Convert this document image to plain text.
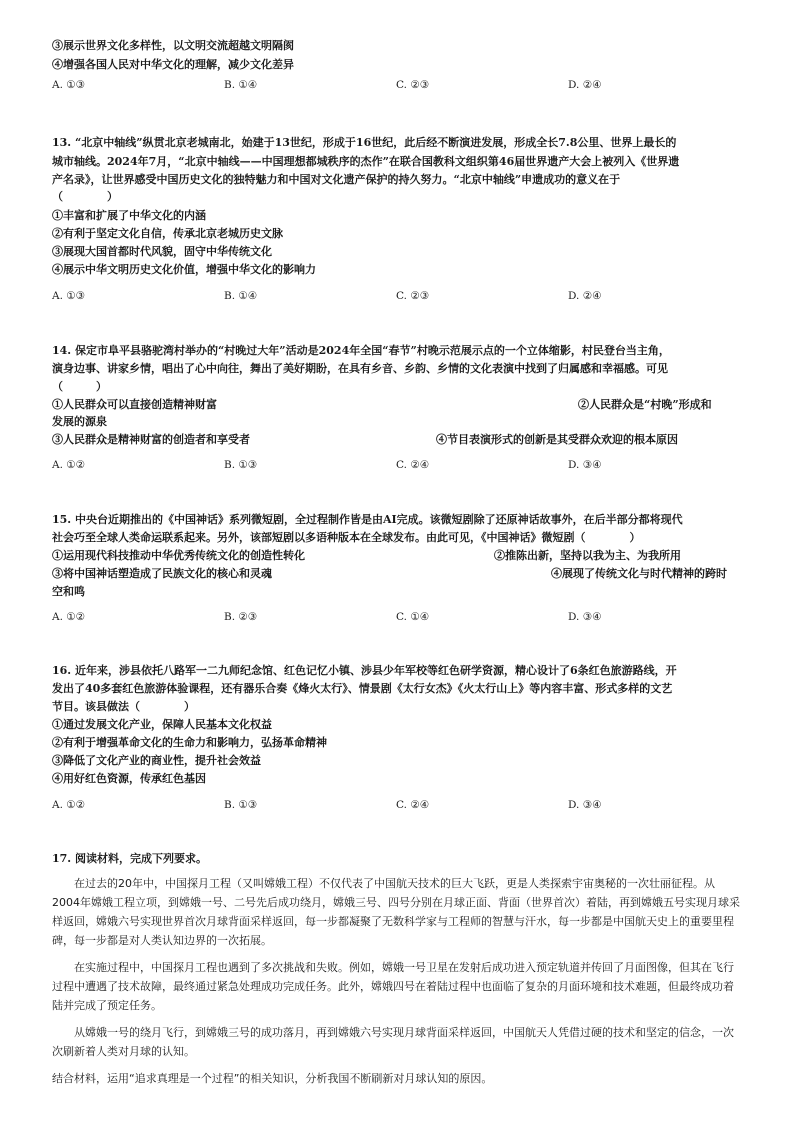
③展示世界文化多样性，以文明交流超越文明隔阂
④增强各国人民对中华文化的理解，减少文化差异
A. ①③	B. ①④	C. ②③	D. ②④
13. “北京中轴线”纵贯北京老城南北，始建于13世纪，形成于16世纪，此后经不断演进发展，形成全长7.8公里、世界上最长的
城市轴线。2024年7月，“北京中轴线——中国理想都城秩序的杰作”在联合国教科文组织第46届世界遗产大会上被列入《世界遗
产名录》，让世界感受中国历史文化的独特魅力和中国对文化遗产保护的持久努力。“北京中轴线”申遗成功的意义在于
（　　　　）
①丰富和扩展了中华文化的内涵
②有利于坚定文化自信，传承北京老城历史文脉
③展现大国首都时代风貌，固守中华传统文化
④展示中华文明历史文化价值，增强中华文化的影响力
A. ①③	B. ①④	C. ②③	D. ②④
14. 保定市阜平县骆驼湾村举办的“村晚过大年”活动是2024年全国“春节”村晚示范展示点的一个立体缩影，村民登台当主角，
演身边事、讲家乡情，唱出了心中向往，舞出了美好期盼，在具有乡音、乡韵、乡情的文化表演中找到了归属感和幸福感。可见
（　　　）
①人民群众可以直接创造精神财富	②人民群众是“村晚”形成和
发展的源泉
③人民群众是精神财富的创造者和享受者	④节目表演形式的创新是其受群众欢迎的根本原因
A. ①②	B. ①③	C. ②④	D. ③④
15. 中央台近期推出的《中国神话》系列微短剧，全过程制作皆是由AI完成。该微短剧除了还原神话故事外，在后半部分都将现代
社会巧至全球人类命运联系起来。另外，该部短剧以多语种版本在全球发布。由此可见，《中国神话》微短剧（　　　　）
①运用现代科技推动中华优秀传统文化的创造性转化	②推陈出新，坚持以我为主、为我所用
③将中国神话塑造成了民族文化的核心和灵魂	④展现了传统文化与时代精神的跨时
空和鸣
A. ①②	B. ②③	C. ①④	D. ③④
16. 近年来，涉县依托八路军一二九师纪念馆、红色记忆小镇、涉县少年军校等红色研学资源，精心设计了6条红色旅游路线，开
发出了40多套红色旅游体验课程，还有器乐合奏《烽火太行》、情景剧《太行女杰》《火太行山上》等内容丰富、形式多样的文艺
节目。该县做法（　　　　）
①通过发展文化产业，保障人民基本文化权益
②有利于增强革命文化的生命力和影响力，弘扬革命精神
③降低了文化产业的商业性，提升社会效益
④用好红色资源，传承红色基因
A. ①②	B. ①③	C. ②④	D. ③④
17. 阅读材料，完成下列要求。
在过去的20年中，中国探月工程（又叫嫦娥工程）不仅代表了中国航天技术的巨大飞跃，更是人类探索宇宙奥秘的一次壮丽征程。从2004年嫦娥工程立项，到嫦娥一号、二号先后成功绕月，嫦娥三号、四号分别在月球正面、背面（世界首次）着陆，再到嫦娥五号实现月球采样返回，嫦娥六号实现世界首次月球背面采样返回，每一步都凝聚了无数科学家与工程师的智慧与汗水，每一步都是中国航天史上的重要里程碑，每一步都是对人类认知边界的一次拓展。
在实施过程中，中国探月工程也遇到了多次挑战和失败。例如，嫦娥一号卫星在发射后成功进入预定轨道并传回了月面图像，但其在飞行过程中遭遇了技术故障，最终通过紧急处理成功完成任务。此外，嫦娥四号在着陆过程中也面临了复杂的月面环境和技术难题，但最终成功着陆并完成了预定任务。
从嫦娥一号的绕月飞行，到嫦娥三号的成功落月，再到嫦娥六号实现月球背面采样返回，中国航天人凭借过硬的技术和坚定的信念，一次次刷新着人类对月球的认知。
结合材料，运用“追求真理是一个过程”的相关知识，分析我国不断刷新对月球认知的原因。
